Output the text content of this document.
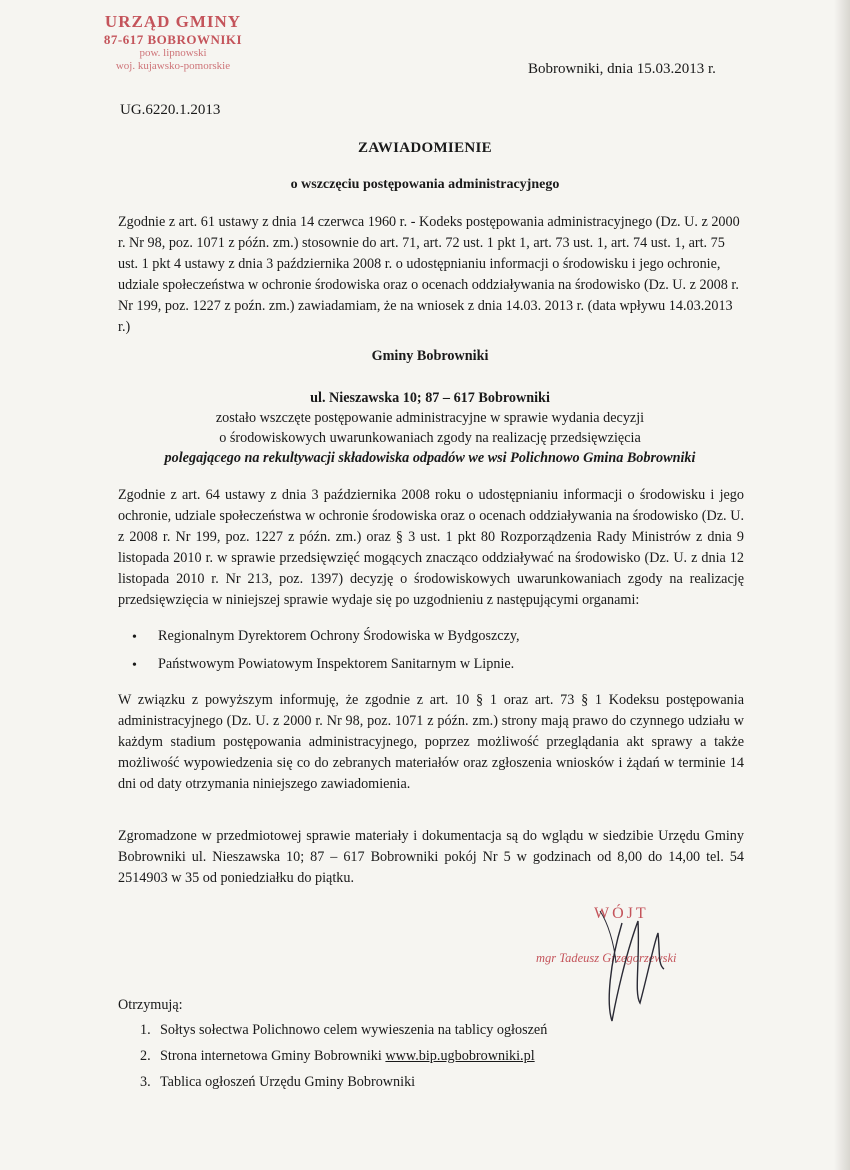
URZĄD GMINY
87-617 BOBROWNIKI
pow. lipnowski
woj. kujawsko-pomorskie	Bobrowniki, dnia 15.03.2013 r.
UG.6220.1.2013
ZAWIADOMIENIE
o wszczęciu postępowania administracyjnego
Zgodnie z art. 61 ustawy z dnia 14 czerwca 1960 r. - Kodeks postępowania administracyjnego (Dz. U. z 2000 r. Nr 98, poz. 1071 z późn. zm.) stosownie do art. 71, art. 72 ust. 1 pkt 1, art. 73 ust. 1, art. 74 ust. 1, art. 75 ust. 1 pkt 4 ustawy z dnia 3 października 2008 r. o udostępnianiu informacji o środowisku i jego ochronie, udziale społeczeństwa w ochronie środowiska oraz o ocenach oddziaływania na środowisko (Dz. U. z 2008 r. Nr 199, poz. 1227 z poźn. zm.) zawiadamiam, że na wniosek z dnia 14.03. 2013 r. (data wpływu 14.03.2013 r.)
Gminy Bobrowniki
ul. Nieszawska 10; 87 – 617 Bobrowniki
zostało wszczęte postępowanie administracyjne w sprawie wydania decyzji
o środowiskowych uwarunkowaniach zgody na realizację przedsięwzięcia
polegającego na rekultywacji składowiska odpadów we wsi Polichnowo Gmina Bobrowniki
Zgodnie z art. 64 ustawy z dnia 3 października 2008 roku o udostępnianiu informacji o środowisku i jego ochronie, udziale społeczeństwa w ochronie środowiska oraz o ocenach oddziaływania na środowisko (Dz. U. z 2008 r. Nr 199, poz. 1227 z późn. zm.) oraz § 3 ust. 1 pkt 80 Rozporządzenia Rady Ministrów z dnia 9 listopada 2010 r. w sprawie przedsięwzięć mogących znacząco oddziaływać na środowisko (Dz. U. z dnia 12 listopada 2010 r. Nr 213, poz. 1397) decyzję o środowiskowych uwarunkowaniach zgody na realizację przedsięwzięcia w niniejszej sprawie wydaje się po uzgodnieniu z następującymi organami:
• Regionalnym Dyrektorem Ochrony Środowiska w Bydgoszczy,
• Państwowym Powiatowym Inspektorem Sanitarnym w Lipnie.
W związku z powyższym informuję, że zgodnie z art. 10 § 1 oraz art. 73 § 1 Kodeksu postępowania administracyjnego (Dz. U. z 2000 r. Nr 98, poz. 1071 z późn. zm.) strony mają prawo do czynnego udziału w każdym stadium postępowania administracyjnego, poprzez możliwość przeglądania akt sprawy a także możliwość wypowiedzenia się co do zebranych materiałów oraz zgłoszenia wniosków i żądań w terminie 14 dni od daty otrzymania niniejszego zawiadomienia.
Zgromadzone w przedmiotowej sprawie materiały i dokumentacja są do wglądu w siedzibie Urzędu Gminy Bobrowniki ul. Nieszawska 10; 87 – 617 Bobrowniki pokój Nr 5 w godzinach od 8,00 do 14,00 tel. 54 2514903 w 35 od poniedziałku do piątku.
WÓJT
mgr Tadeusz Grzegorzewski
Otrzymują:
1. Sołtys sołectwa Polichnowo celem wywieszenia na tablicy ogłoszeń
2. Strona internetowa Gminy Bobrowniki www.bip.ugbobrowniki.pl
3. Tablica ogłoszeń Urzędu Gminy Bobrowniki
